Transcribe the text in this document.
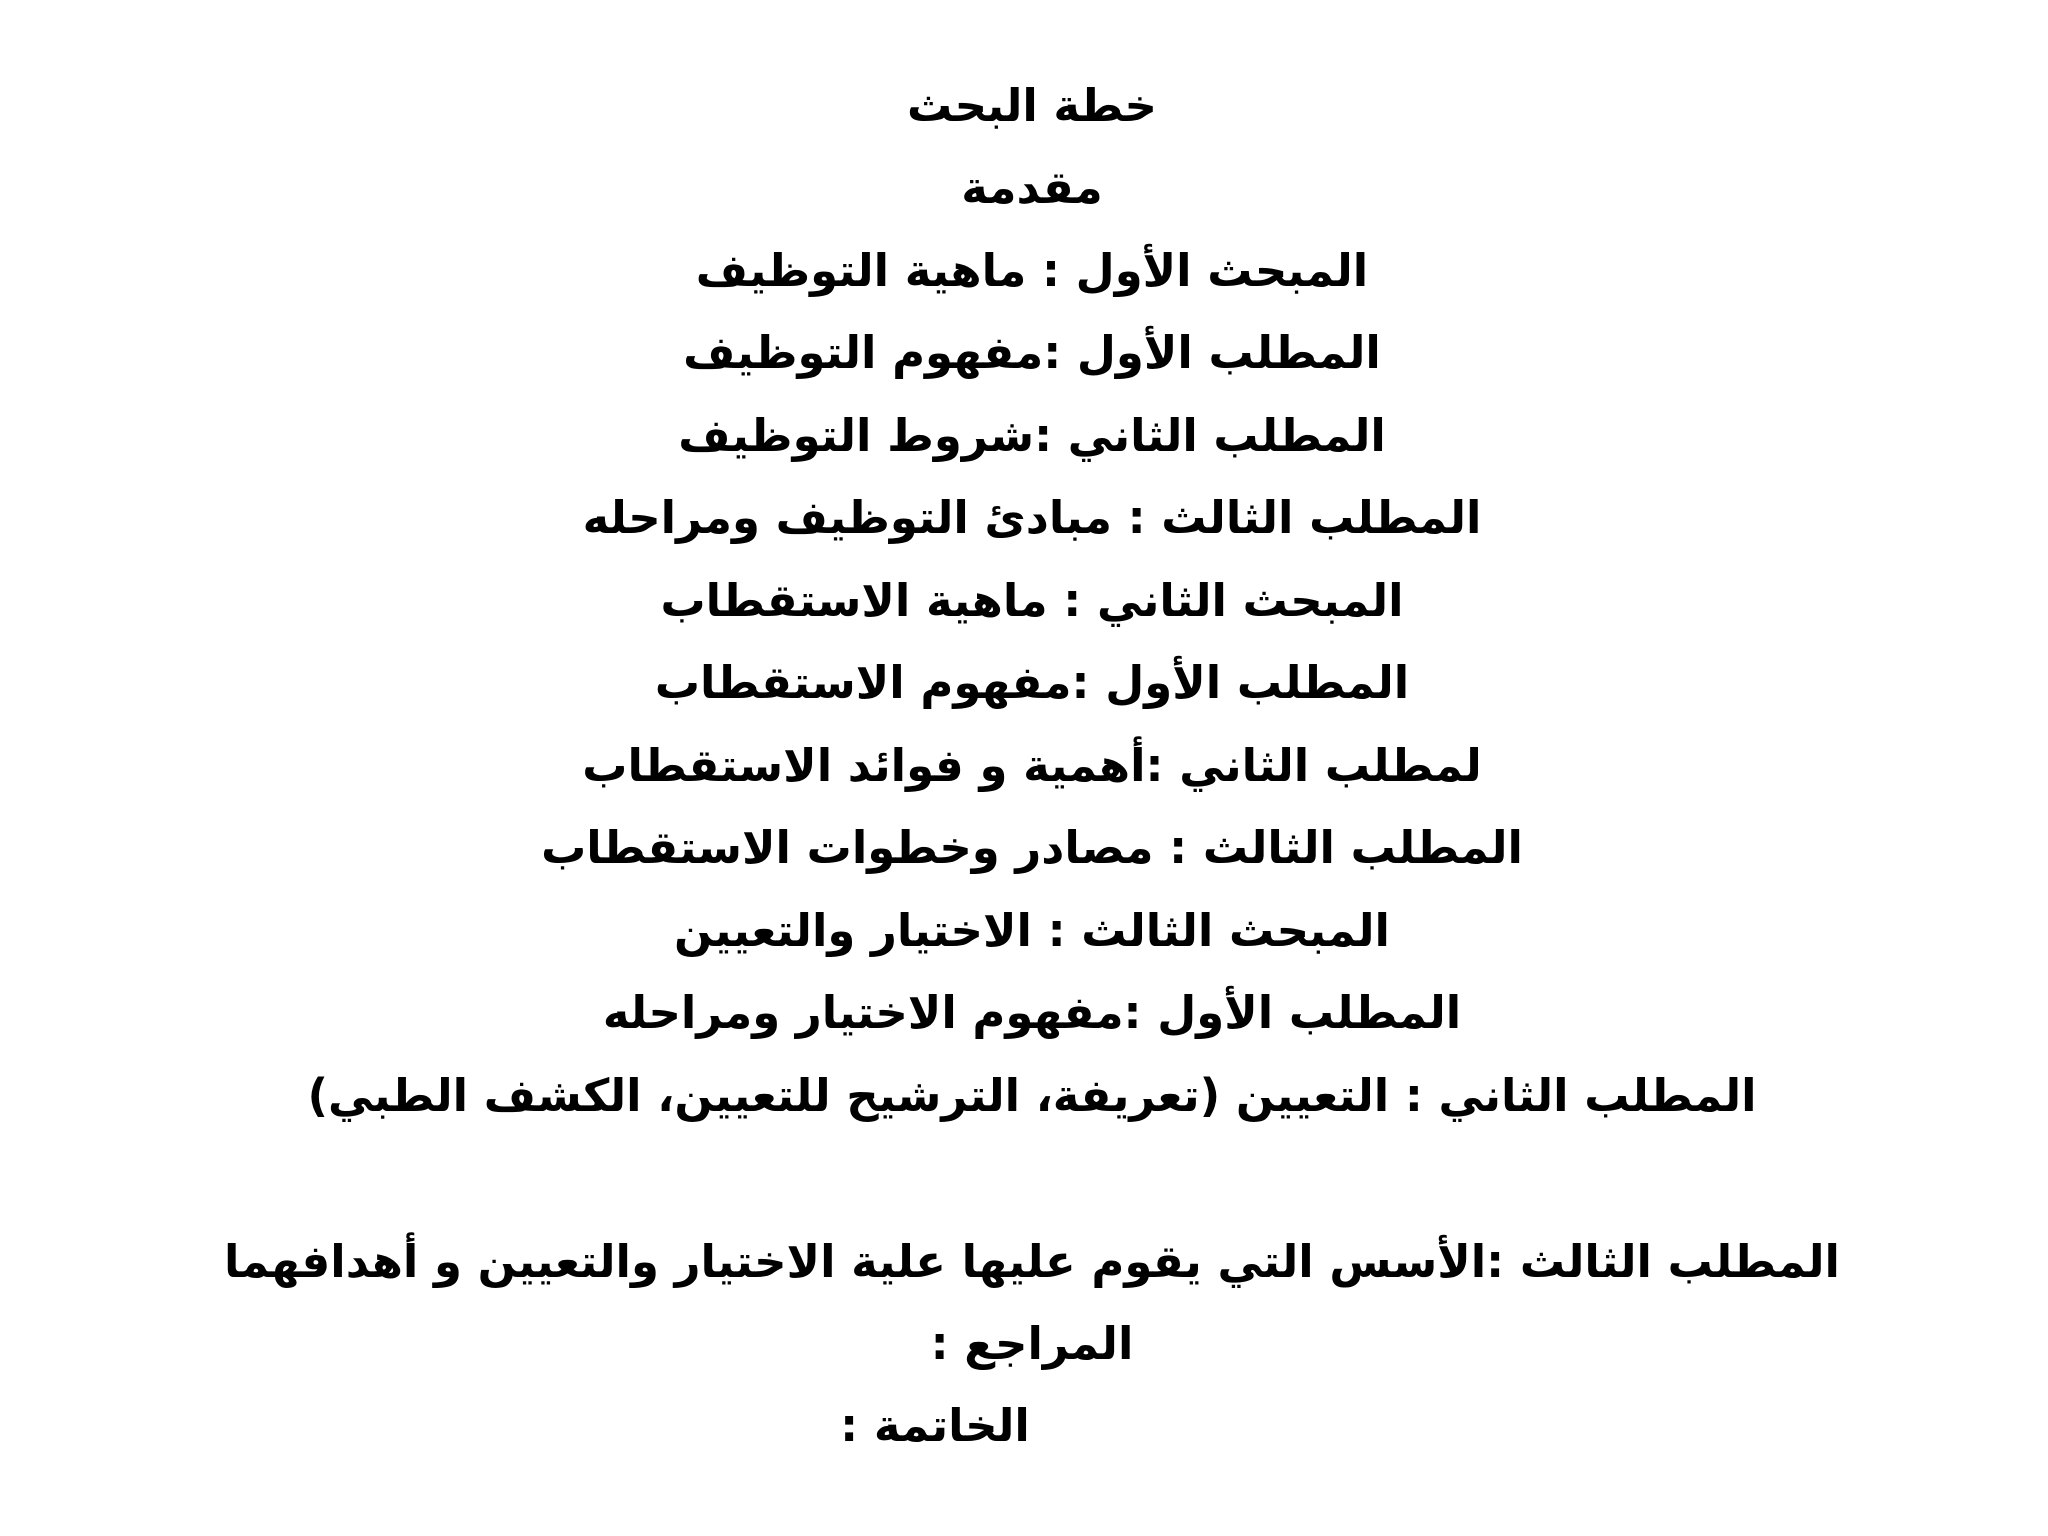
خطة البحث
مقدمة
المبحث الأول : ماهية التوظيف
المطلب الأول :مفهوم التوظيف
المطلب الثاني :شروط التوظيف
المطلب الثالث : مبادئ التوظيف ومراحله
المبحث الثاني : ماهية الاستقطاب
المطلب الأول :مفهوم الاستقطاب
لمطلب الثاني :أهمية و فوائد الاستقطاب
المطلب الثالث : مصادر وخطوات الاستقطاب
المبحث الثالث : الاختيار والتعيين
المطلب الأول :مفهوم الاختيار ومراحله
المطلب الثاني : التعيين (تعريفة، الترشيح للتعيين، الكشف الطبي)
المطلب الثالث :الأسس التي يقوم عليها علية الاختيار والتعيين و أهدافهما
المراجع :
الخاتمة :
